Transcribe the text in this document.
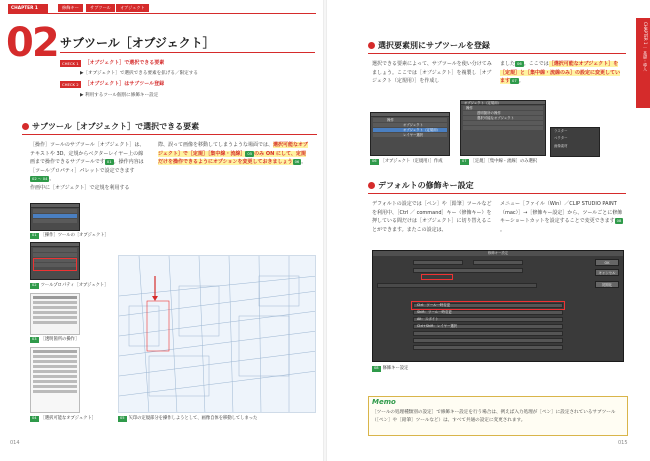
CHAPTER 1	修飾キー	サブツール	オブジェクト
02 サブツール［オブジェクト］
CHECK 1 ［オブジェクト］で選択できる要素
▶［オブジェクト］で選択できる要素を拡げる／限定する
CHECK 2 ［オブジェクト］はサブツール登録
▶ 利用するツール個別に修飾キー設定
サブツール［オブジェクト］で選択できる要素
［操作］ツールのサブツール［オブジェクト］は、テキストや 3D、定規からベクターレイヤー上の線画まで操作できるサブツールです 01 。操作内容は［ツールプロパティ］パレットで設定できます02 〜 04 。
作画中に［オブジェクト］で定規を利用する
際、誤って画像を移動してしまうような場面では、選択可能なオブジェクト］で［定規］［集中線・流線］ 05 のみ ON にして、定規だけを操作できるようにオプションを変更しておきましょう 06 。
01 ［操作］ツールの［オブジェクト］
02 ツールプロパティ［オブジェクト］
03 ［透明箇所の操作］
04 ［選択可能なオブジェクト］	05 矢印の定規部分を操作しようとして、画像自体を移動してしまった
014
CHAPTER 1 ｜ 基礎・導入
選択要素別にサブツールを登録
選択できる要素によって、サブツールを使い分けてみましょう。ここでは［オブジェクト］を複製し［オブジェクト（定規用）］を作成し
ました 06 。ここでは［選択可能なオブジェクト］を［定規］と［集中線・流線のみ］の設定に変更しています 07 。
操作
オブジェクト
オブジェクト（定規用）
レイヤー選択
06 ［オブジェクト（定規用）］作成
オブジェクト（定規用）
操作
透明箇所の操作
選択可能なオブジェクト
ラスター
ベクター
画像素材
07 ［定規］［集中線・流線］のみ選択
デフォルトの修飾キー設定
デフォルトの設定では［ペン］や［鉛筆］ツールなどを利用中、［Ctrl ／ command］キー（修飾キー）を押している間だけは［オブジェクト］に切り替えることができます。またこの設定は、
メニュー［ファイル（Win）／CLIP STUDIO PAINT（mac）］→［修飾キー設定］から、ツールごとに修飾キーショートカットを設定することで変更できます 08。
修飾キー設定
OK
キャンセル
初期化
Ctrl：ツール一時変更
Shift：ツール一時変更
Alt：スポイト
Ctrl+Shift：レイヤー選択
08 修飾キー設定
Memo
［ツールの処理種類別の設定］で修飾キー設定を行う場合は、例えば入力処理が［ペン］に設定されているサブツール（［ペン］や［鉛筆］ツールなど）は、すべて共通の設定に変更されます。
015
